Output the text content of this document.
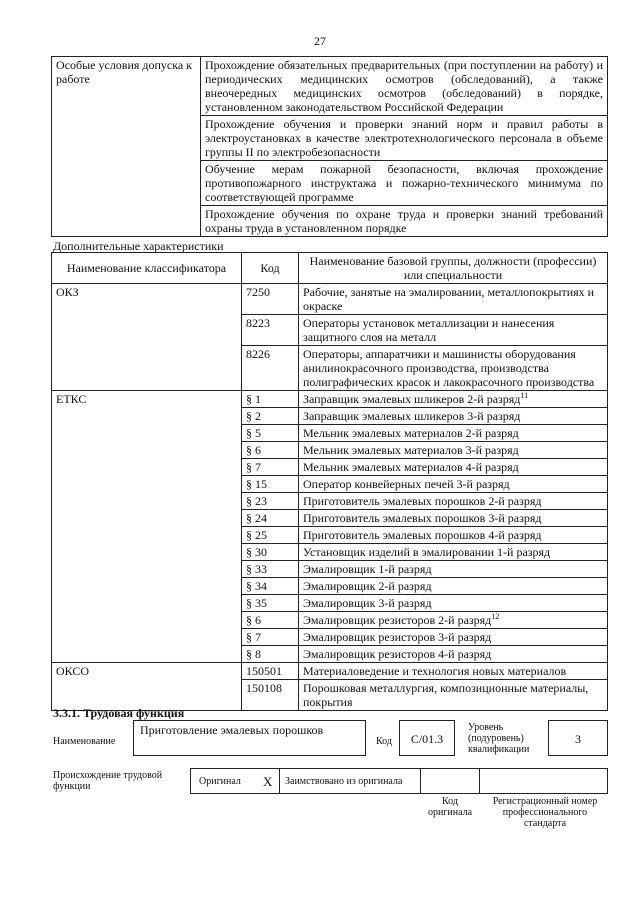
27
Особые условия допуска к работе	Прохождение обязательных предварительных (при поступлении на работу) и периодических медицинских осмотров (обследований), а также внеочередных медицинских осмотров (обследований) в порядке, установленном законодательством Российской Федерации
Прохождение обучения и проверки знаний норм и правил работы в электроустановках в качестве электротехнологического персонала в объеме группы II по электробезопасности
Обучение мерам пожарной безопасности, включая прохождение противопожарного инструктажа и пожарно-технического минимума по соответствующей программе
Прохождение обучения по охране труда и проверки знаний требований охраны труда в установленном порядке
Дополнительные характеристики
Наименование классификатора	Код	Наименование базовой группы, должности (профессии) или специальности
ОКЗ	7250	Рабочие, занятые на эмалировании, металлопокрытиях и окраске
	8223	Операторы установок металлизации и нанесения защитного слоя на металл
	8226	Операторы, аппаратчики и машинисты оборудования анилинокрасочного производства, производства полиграфических красок и лакокрасочного производства
ЕТКС	§ 1	Заправщик эмалевых шликеров 2-й разряд$^{11}$
	§ 2	Заправщик эмалевых шликеров 3-й разряд
	§ 5	Мельник эмалевых материалов 2-й разряд
	§ 6	Мельник эмалевых материалов 3-й разряд
	§ 7	Мельник эмалевых материалов 4-й разряд
	§ 15	Оператор конвейерных печей 3-й разряд
	§ 23	Приготовитель эмалевых порошков 2-й разряд
	§ 24	Приготовитель эмалевых порошков 3-й разряд
	§ 25	Приготовитель эмалевых порошков 4-й разряд
	§ 30	Установщик изделий в эмалировании 1-й разряд
	§ 33	Эмалировщик 1-й разряд
	§ 34	Эмалировщик 2-й разряд
	§ 35	Эмалировщик 3-й разряд
	§ 6	Эмалировщик резисторов 2-й разряд$^{12}$
	§ 7	Эмалировщик резисторов 3-й разряд
	§ 8	Эмалировщик резисторов 4-й разряд
ОКСО	150501	Материаловедение и технология новых материалов
	150108	Порошковая металлургия, композиционные материалы, покрытия
3.3.1. Трудовая функция
Наименование
Приготовление эмалевых порошков
Код	C/01.3
Уровень (подуровень) квалификации
3
Происхождение трудовой функции	Оригинал X Заимствовано из оригинала
Код оригинала
Регистрационный номер профессионального стандарта
